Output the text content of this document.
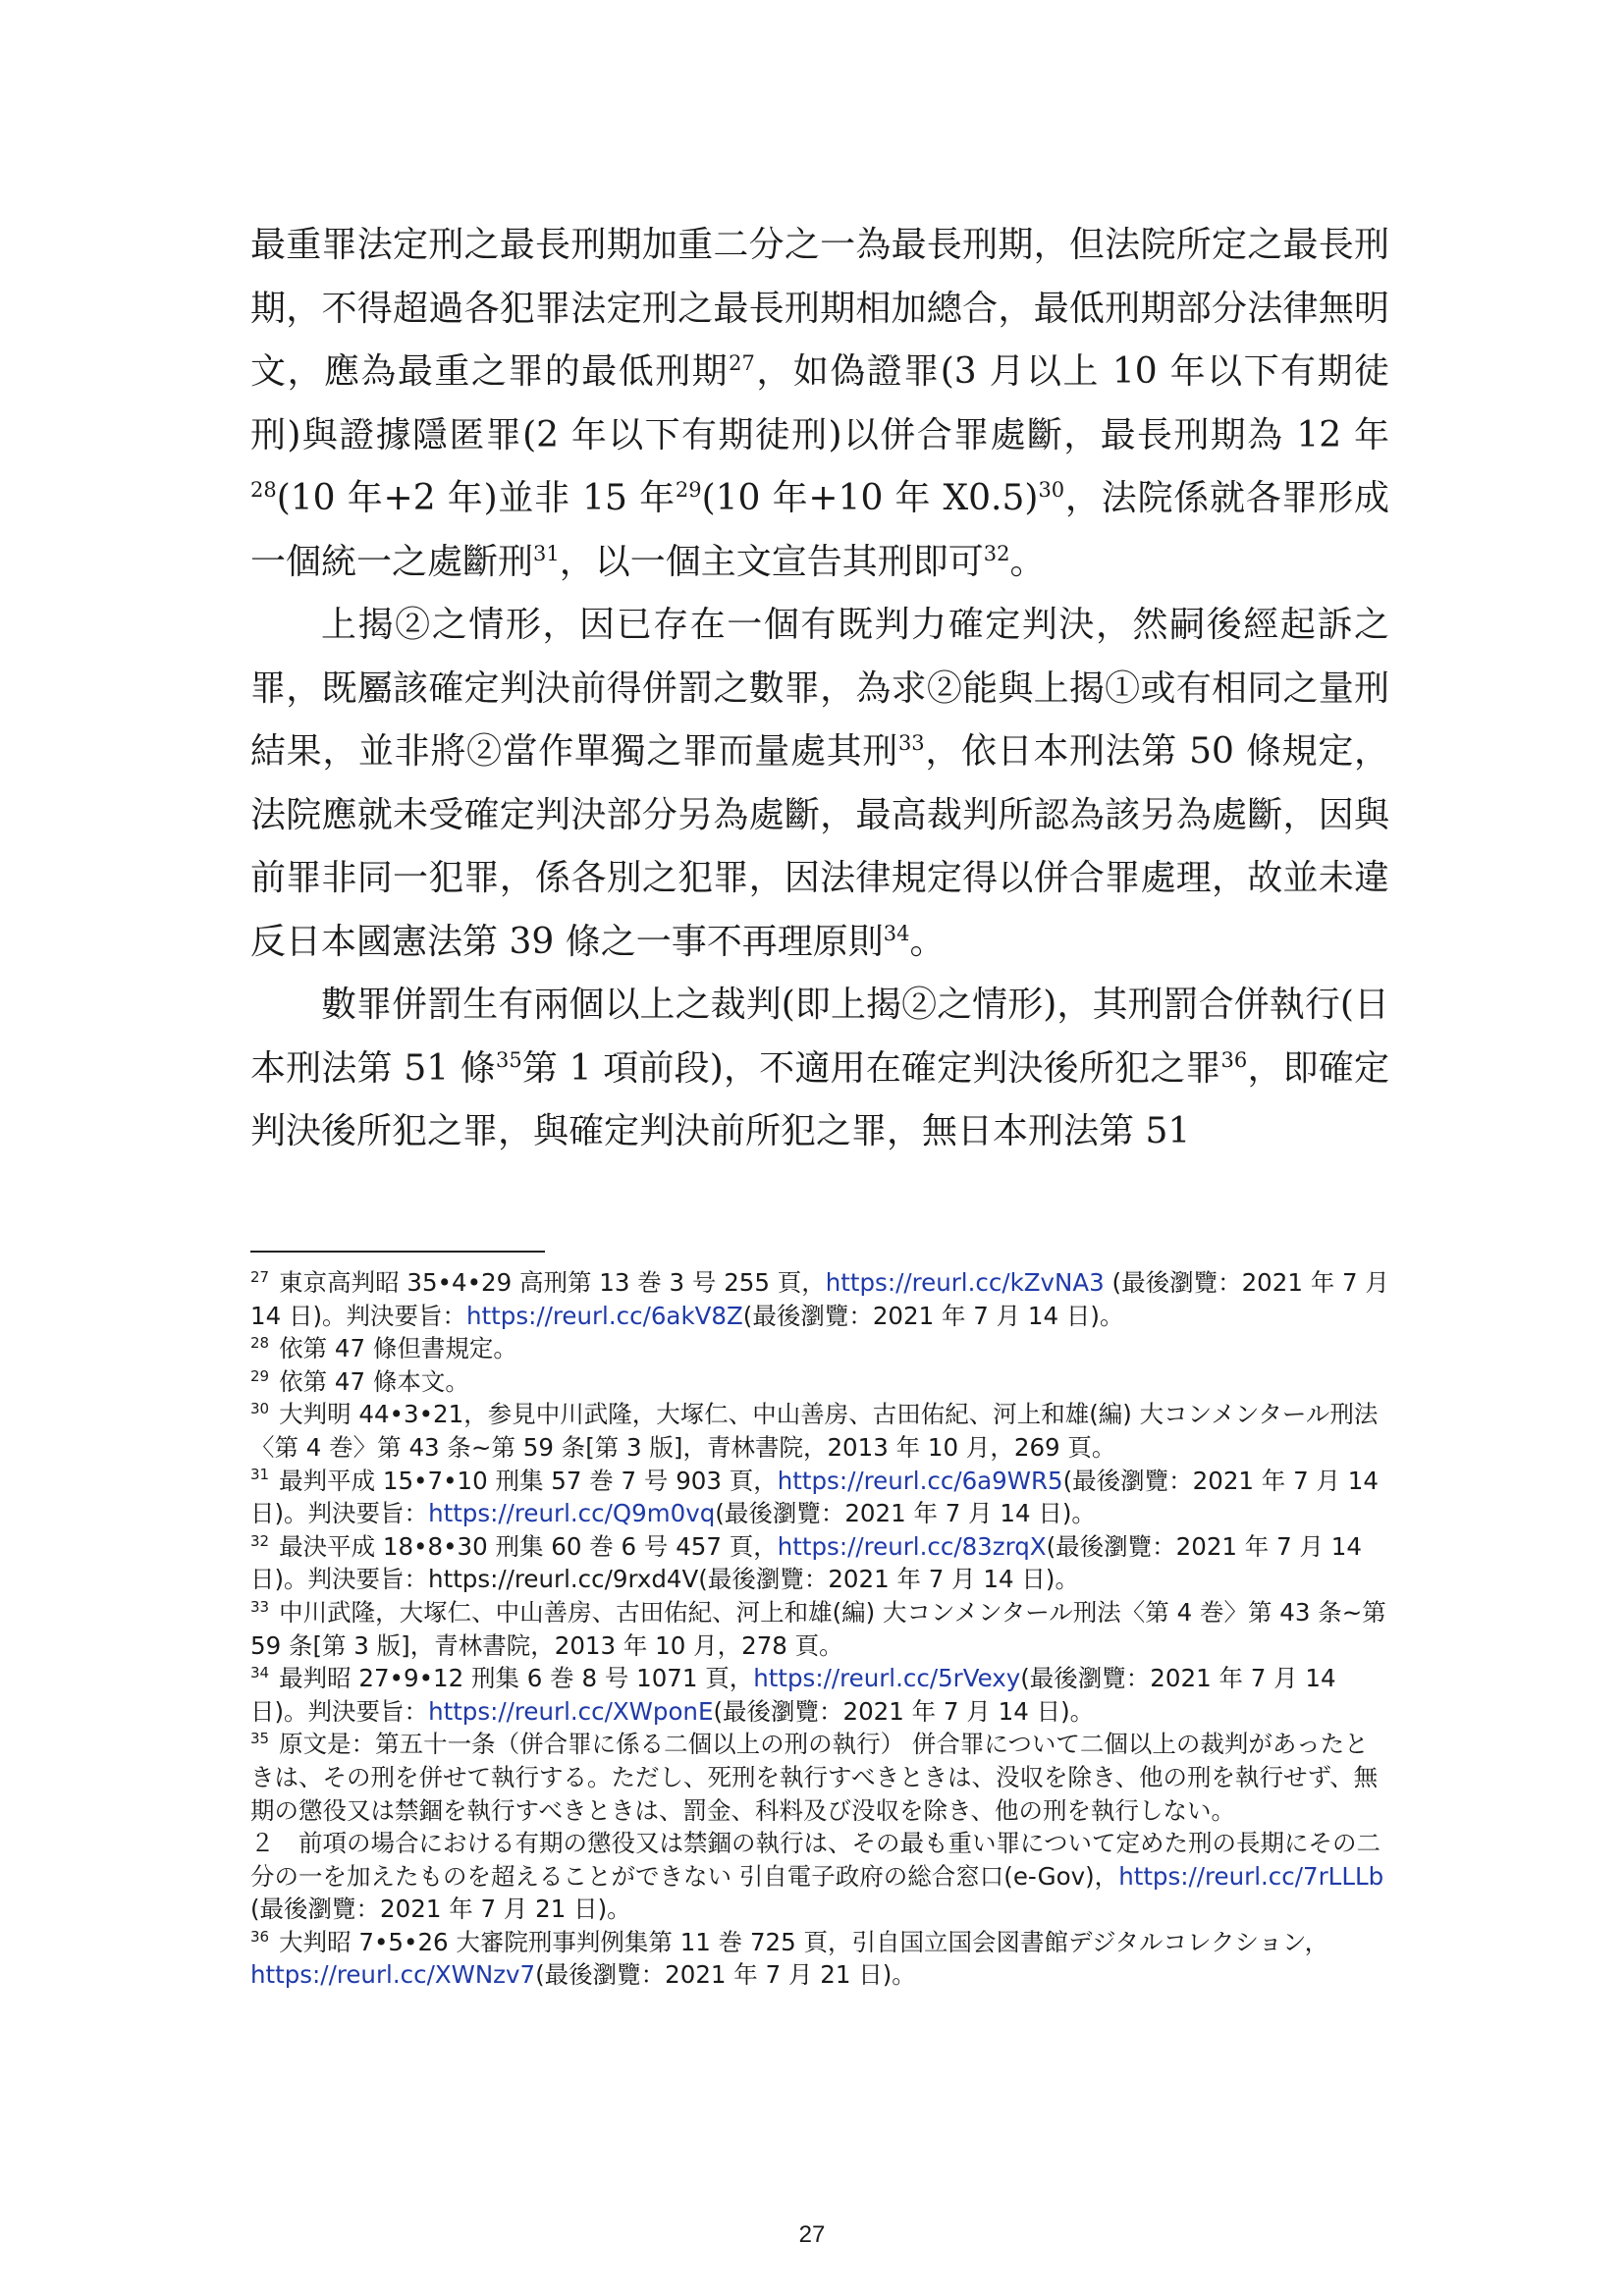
最重罪法定刑之最長刑期加重二分之一為最長刑期，但法院所定之最長刑期，不得超過各犯罪法定刑之最長刑期相加總合，最低刑期部分法律無明文，應為最重之罪的最低刑期$^{27}$，如偽證罪(3 月以上 10 年以下有期徒刑)與證據隱匿罪(2 年以下有期徒刑)以併合罪處斷，最長刑期為 12 年$^{28}$(10 年+2 年)並非 15 年$^{29}$(10 年+10 年 X0.5)$^{30}$，法院係就各罪形成一個統一之處斷刑$^{31}$，以一個主文宣告其刑即可$^{32}$。

上揭②之情形，因已存在一個有既判力確定判決，然嗣後經起訴之罪，既屬該確定判決前得併罰之數罪，為求②能與上揭①或有相同之量刑結果，並非將②當作單獨之罪而量處其刑$^{33}$，依日本刑法第 50 條規定，法院應就未受確定判決部分另為處斷，最高裁判所認為該另為處斷，因與前罪非同一犯罪，係各別之犯罪，因法律規定得以併合罪處理，故並未違反日本國憲法第 39 條之一事不再理原則$^{34}$。

數罪併罰生有兩個以上之裁判(即上揭②之情形)，其刑罰合併執行(日本刑法第 51 條$^{35}$第 1 項前段)，不適用在確定判決後所犯之罪$^{36}$，即確定判決後所犯之罪，與確定判決前所犯之罪，無日本刑法第 51

$^{27}$ 東京高判昭 35•4•29 高刑第 13 巻 3 号 255 頁，https://reurl.cc/kZvNA3 (最後瀏覽：2021 年 7 月 14 日)。判決要旨：https://reurl.cc/6akV8Z(最後瀏覽：2021 年 7 月 14 日)。

$^{28}$ 依第 47 條但書規定。

$^{29}$ 依第 47 條本文。

$^{30}$ 大判明 44•3•21，参見中川武隆，大塚仁、中山善房、古田佑紀、河上和雄(編) 大コンメンタール刑法〈第 4 巻〉第 43 条~第 59 条[第 3 版]，青林書院，2013 年 10 月，269 頁。

$^{31}$ 最判平成 15•7•10 刑集 57 巻 7 号 903 頁，https://reurl.cc/6a9WR5(最後瀏覽：2021 年 7 月 14 日)。判決要旨：https://reurl.cc/Q9m0vq(最後瀏覽：2021 年 7 月 14 日)。

$^{32}$ 最決平成 18•8•30 刑集 60 巻 6 号 457 頁，https://reurl.cc/83zrqX(最後瀏覽：2021 年 7 月 14 日)。判決要旨：https://reurl.cc/9rxd4V(最後瀏覽：2021 年 7 月 14 日)。

$^{33}$ 中川武隆，大塚仁、中山善房、古田佑紀、河上和雄(編) 大コンメンタール刑法〈第 4 巻〉第 43 条~第 59 条[第 3 版]，青林書院，2013 年 10 月，278 頁。

$^{34}$ 最判昭 27•9•12 刑集 6 巻 8 号 1071 頁，https://reurl.cc/5rVexy(最後瀏覽：2021 年 7 月 14 日)。判決要旨：https://reurl.cc/XWponE(最後瀏覽：2021 年 7 月 14 日)。

$^{35}$ 原文是：第五十一条（併合罪に係る二個以上の刑の執行） 併合罪について二個以上の裁判があったときは、その刑を併せて執行する。ただし、死刑を執行すべきときは、没収を除き、他の刑を執行せず、無期の懲役又は禁錮を執行すべきときは、罰金、科料及び没収を除き、他の刑を執行しない。

２　前項の場合における有期の懲役又は禁錮の執行は、その最も重い罪について定めた刑の長期にその二分の一を加えたものを超えることができない 引自電子政府の総合窓口(e-Gov)，https://reurl.cc/7rLLLb (最後瀏覽：2021 年 7 月 21 日)。

$^{36}$ 大判昭 7•5•26 大審院刑事判例集第 11 巻 725 頁，引自国立国会図書館デジタルコレクション，https://reurl.cc/XWNzv7(最後瀏覽：2021 年 7 月 21 日)。

27
